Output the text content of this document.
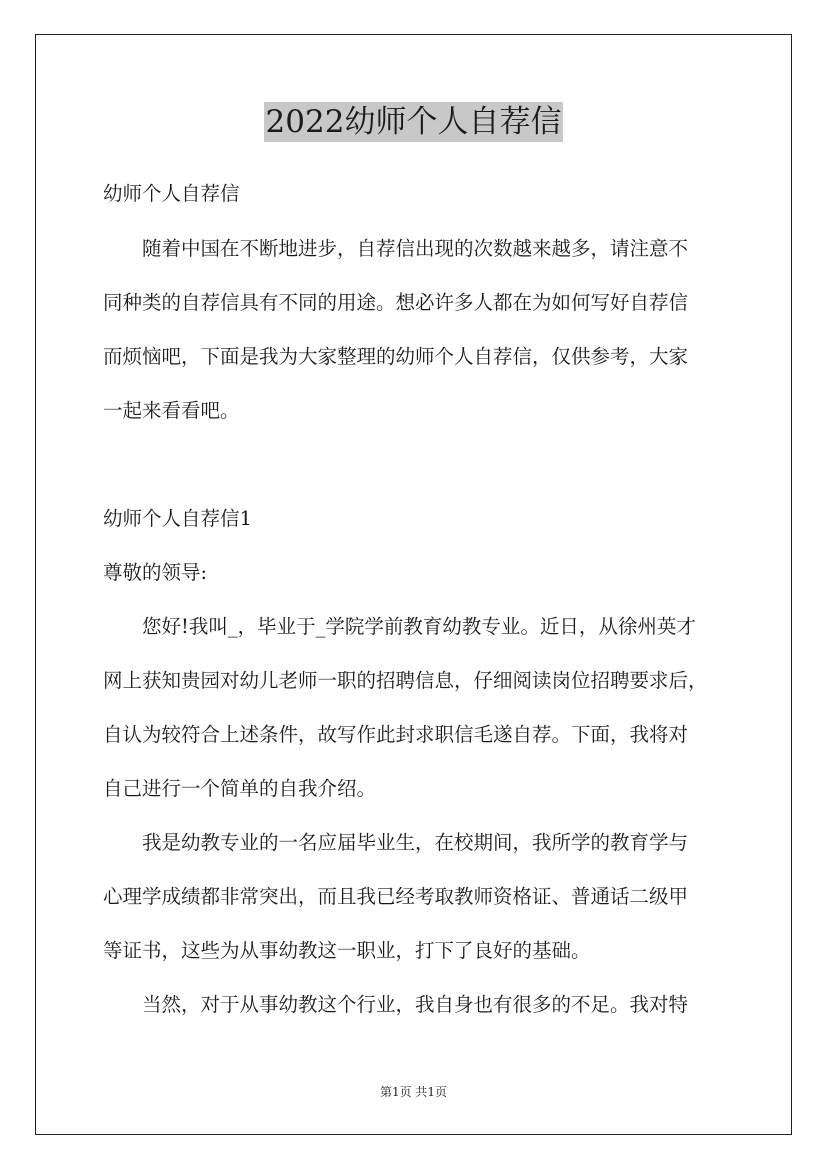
2022幼师个人自荐信
幼师个人自荐信
随着中国在不断地进步，自荐信出现的次数越来越多，请注意不
同种类的自荐信具有不同的用途。想必许多人都在为如何写好自荐信
而烦恼吧，下面是我为大家整理的幼师个人自荐信，仅供参考，大家
一起来看看吧。
幼师个人自荐信1
尊敬的领导:
您好!我叫_，毕业于_学院学前教育幼教专业。近日，从徐州英才
网上获知贵园对幼儿老师一职的招聘信息，仔细阅读岗位招聘要求后，
自认为较符合上述条件，故写作此封求职信毛遂自荐。下面，我将对
自己进行一个简单的自我介绍。
我是幼教专业的一名应届毕业生，在校期间，我所学的教育学与
心理学成绩都非常突出，而且我已经考取教师资格证、普通话二级甲
等证书，这些为从事幼教这一职业，打下了良好的基础。
当然，对于从事幼教这个行业，我自身也有很多的不足。我对特
第1页 共1页
